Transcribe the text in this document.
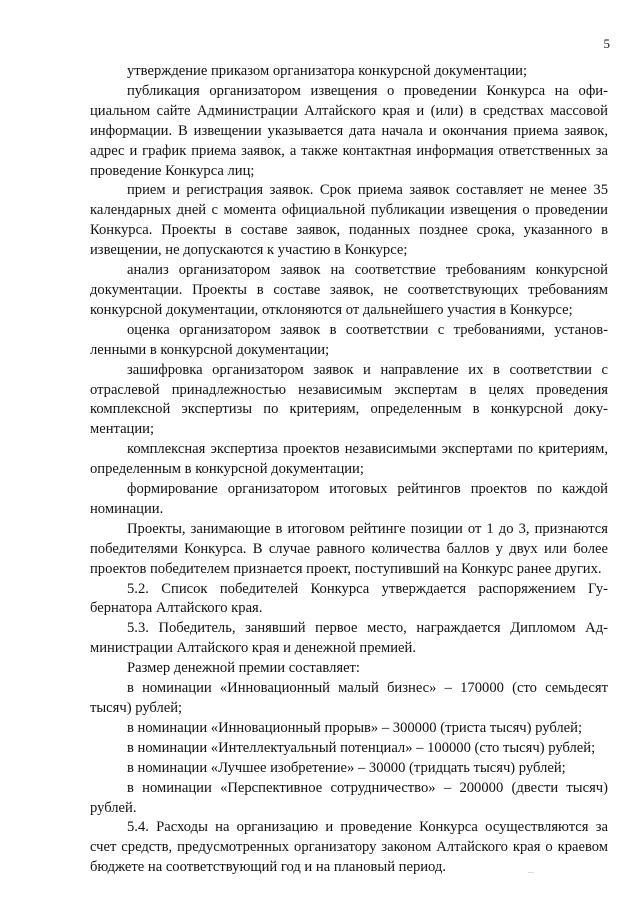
5

утверждение приказом организатора конкурсной документации;

публикация организатором извещения о проведении Конкурса на официальном сайте Администрации Алтайского края и (или) в средствах массовой информации. В извещении указывается дата начала и окончания приема заявок, адрес и график приема заявок, а также контактная информация ответственных за проведение Конкурса лиц;

прием и регистрация заявок. Срок приема заявок составляет не менее 35 календарных дней с момента официальной публикации извещения о проведении Конкурса. Проекты в составе заявок, поданных позднее срока, указанного в извещении, не допускаются к участию в Конкурсе;

анализ организатором заявок на соответствие требованиям конкурсной документации. Проекты в составе заявок, не соответствующих требованиям конкурсной документации, отклоняются от дальнейшего участия в Конкурсе;

оценка организатором заявок в соответствии с требованиями, установленными в конкурсной документации;

зашифровка организатором заявок и направление их в соответствии с отраслевой принадлежностью независимым экспертам в целях проведения комплексной экспертизы по критериям, определенным в конкурсной документации;

комплексная экспертиза проектов независимыми экспертами по критериям, определенным в конкурсной документации;

формирование организатором итоговых рейтингов проектов по каждой номинации.

Проекты, занимающие в итоговом рейтинге позиции от 1 до 3, признаются победителями Конкурса. В случае равного количества баллов у двух или более проектов победителем признается проект, поступивший на Конкурс ранее других.

5.2. Список победителей Конкурса утверждается распоряжением Губернатора Алтайского края.

5.3. Победитель, занявший первое место, награждается Дипломом Администрации Алтайского края и денежной премией.

Размер денежной премии составляет:

в номинации «Инновационный малый бизнес» – 170000 (сто семьдесят тысяч) рублей;

в номинации «Инновационный прорыв» – 300000 (триста тысяч) рублей;

в номинации «Интеллектуальный потенциал» – 100000 (сто тысяч) рублей;

в номинации «Лучшее изобретение» – 30000 (тридцать тысяч) рублей;

в номинации «Перспективное сотрудничество» – 200000 (двести тысяч) рублей.

5.4. Расходы на организацию и проведение Конкурса осуществляются за счет средств, предусмотренных организатору законом Алтайского края о краевом бюджете на соответствующий год и на плановый период.
